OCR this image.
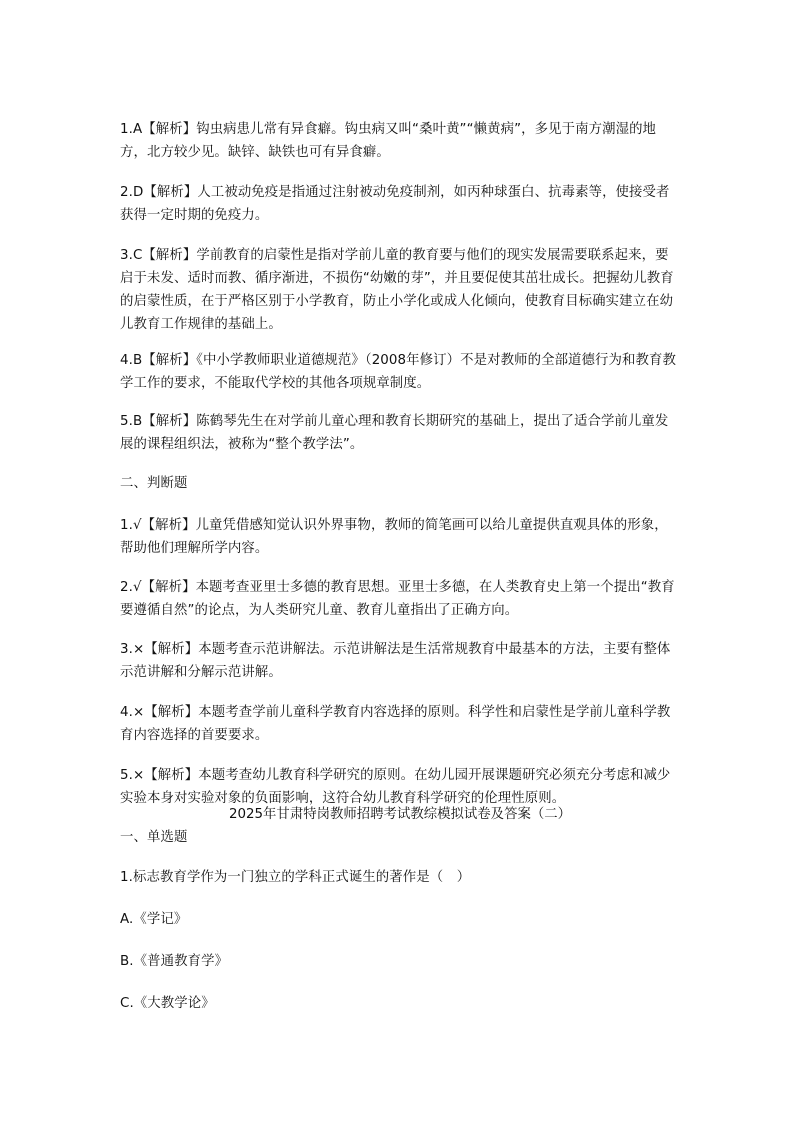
1.A【解析】钩虫病患儿常有异食癖。钩虫病又叫“桑叶黄”“懒黄病”，多见于南方潮湿的地方，北方较少见。缺锌、缺铁也可有异食癖。

2.D【解析】人工被动免疫是指通过注射被动免疫制剂，如丙种球蛋白、抗毒素等，使接受者获得一定时期的免疫力。

3.C【解析】学前教育的启蒙性是指对学前儿童的教育要与他们的现实发展需要联系起来，要启于未发、适时而教、循序渐进，不损伤“幼嫩的芽”，并且要促使其茁壮成长。把握幼儿教育的启蒙性质，在于严格区别于小学教育，防止小学化或成人化倾向，使教育目标确实建立在幼儿教育工作规律的基础上。

4.B【解析】《中小学教师职业道德规范》（2008年修订）不是对教师的全部道德行为和教育教学工作的要求，不能取代学校的其他各项规章制度。

5.B【解析】陈鹤琴先生在对学前儿童心理和教育长期研究的基础上，提出了适合学前儿童发展的课程组织法，被称为“整个教学法”。

二、判断题

1.√【解析】儿童凭借感知觉认识外界事物，教师的简笔画可以给儿童提供直观具体的形象，帮助他们理解所学内容。

2.√【解析】本题考查亚里士多德的教育思想。亚里士多德，在人类教育史上第一个提出“教育要遵循自然”的论点，为人类研究儿童、教育儿童指出了正确方向。

3.×【解析】本题考查示范讲解法。示范讲解法是生活常规教育中最基本的方法，主要有整体示范讲解和分解示范讲解。

4.×【解析】本题考查学前儿童科学教育内容选择的原则。科学性和启蒙性是学前儿童科学教育内容选择的首要要求。

5.×【解析】本题考查幼儿教育科学研究的原则。在幼儿园开展课题研究必须充分考虑和减少实验本身对实验对象的负面影响，这符合幼儿教育科学研究的伦理性原则。

2025年甘肃特岗教师招聘考试教综模拟试卷及答案（二）

一、单选题

1.标志教育学作为一门独立的学科正式诞生的著作是（　）

A.《学记》

B.《普通教育学》

C.《大教学论》
